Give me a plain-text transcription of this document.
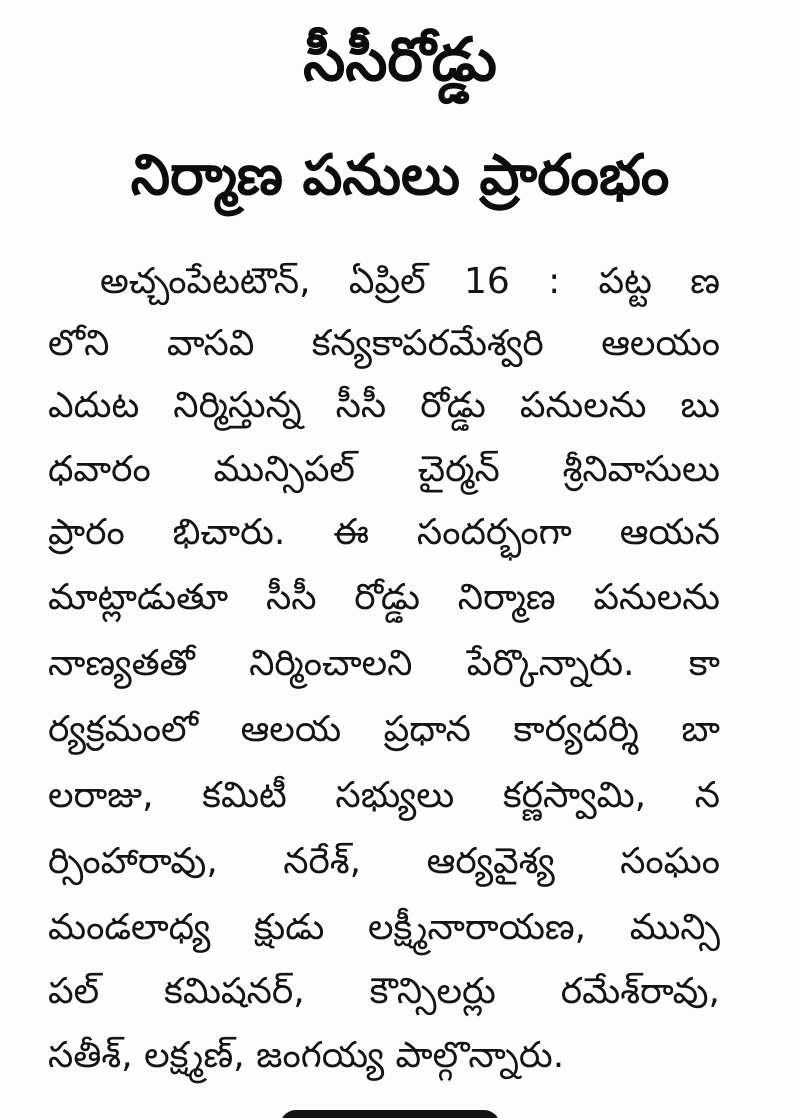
సీసీరోడ్డు
నిర్మాణ పనులు ప్రారంభం
అచ్చంపేటటౌన్, ఏప్రిల్ 16 : పట్ట ణ
లోని వాసవి కన్యకాపరమేశ్వరి ఆలయం
ఎదుట నిర్మిస్తున్న సీసీ రోడ్డు పనులను బు
ధవారం మున్సిపల్ చైర్మన్ శ్రీనివాసులు
ప్రారం భిచారు. ఈ సందర్భంగా ఆయన
మాట్లాడుతూ సీసీ రోడ్డు నిర్మాణ పనులను
నాణ్యతతో నిర్మించాలని పేర్కొన్నారు. కా
ర్యక్రమంలో ఆలయ ప్రధాన కార్యదర్శి బా
లరాజు, కమిటీ సభ్యులు కర్ణస్వామి, న
ర్సింహారావు, నరేశ్, ఆర్యవైశ్య సంఘం
మండలాధ్య క్షుడు లక్ష్మీనారాయణ, మున్సి
పల్ కమిషనర్, కౌన్సిలర్లు రమేశ్‌రావు,
సతీశ్, లక్ష్మణ్, జంగయ్య పాల్గొన్నారు.
